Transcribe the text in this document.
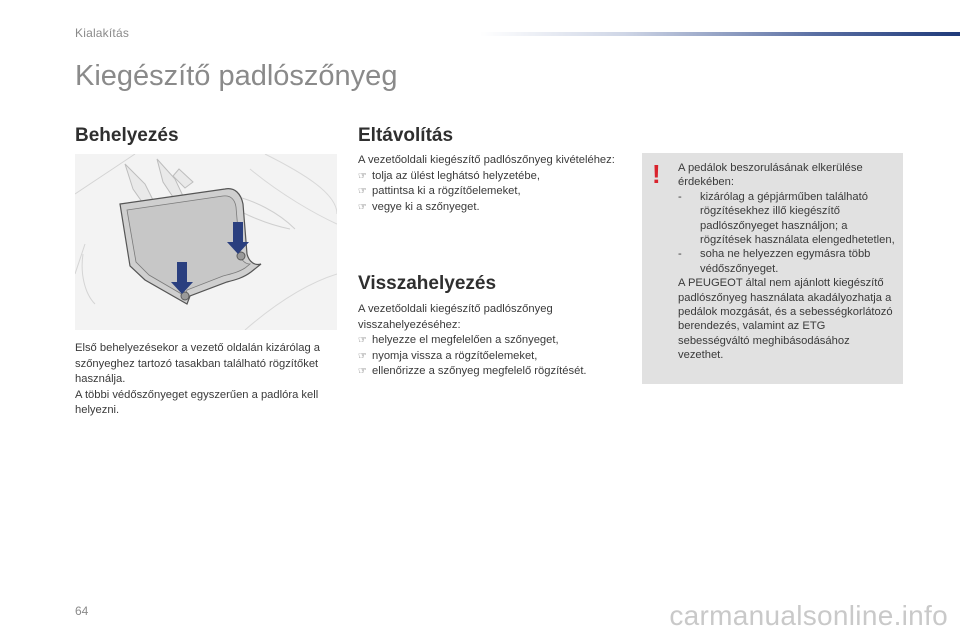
Kialakítás
Kiegészítő padlószőnyeg
Behelyezés

Első behelyezésekor a vezető oldalán kizárólag a szőnyeghez tartozó tasakban található rögzítőket használja.

A többi védőszőnyeget egyszerűen a padlóra kell helyezni.

Eltávolítás

A vezetőoldali kiegészítő padlószőnyeg kivételéhez:

☞ tolja az ülést leghátsó helyzetébe,
☞ pattintsa ki a rögzítőelemeket,
☞ vegye ki a szőnyeget.
Visszahelyezés

A vezetőoldali kiegészítő padlószőnyeg visszahelyezéséhez:

☞ helyezze el megfelelően a szőnyeget,
☞ nyomja vissza a rögzítőelemeket,
☞ ellenőrizze a szőnyeg megfelelő rögzítését.
! A pedálok beszorulásának elkerülése érdekében:

- kizárólag a gépjárműben található rögzítésekhez illő kiegészítő padlószőnyeget használjon; a rögzítések használata elengedhetetlen,
- soha ne helyezzen egymásra több védőszőnyeget.

A PEUGEOT által nem ajánlott kiegészítő padlószőnyeg használata akadályozhatja a pedálok mozgását, és a sebességkorlátozó berendezés, valamint az ETG sebességváltó meghibásodásához vezethet.

64	carmanualsonline.info
